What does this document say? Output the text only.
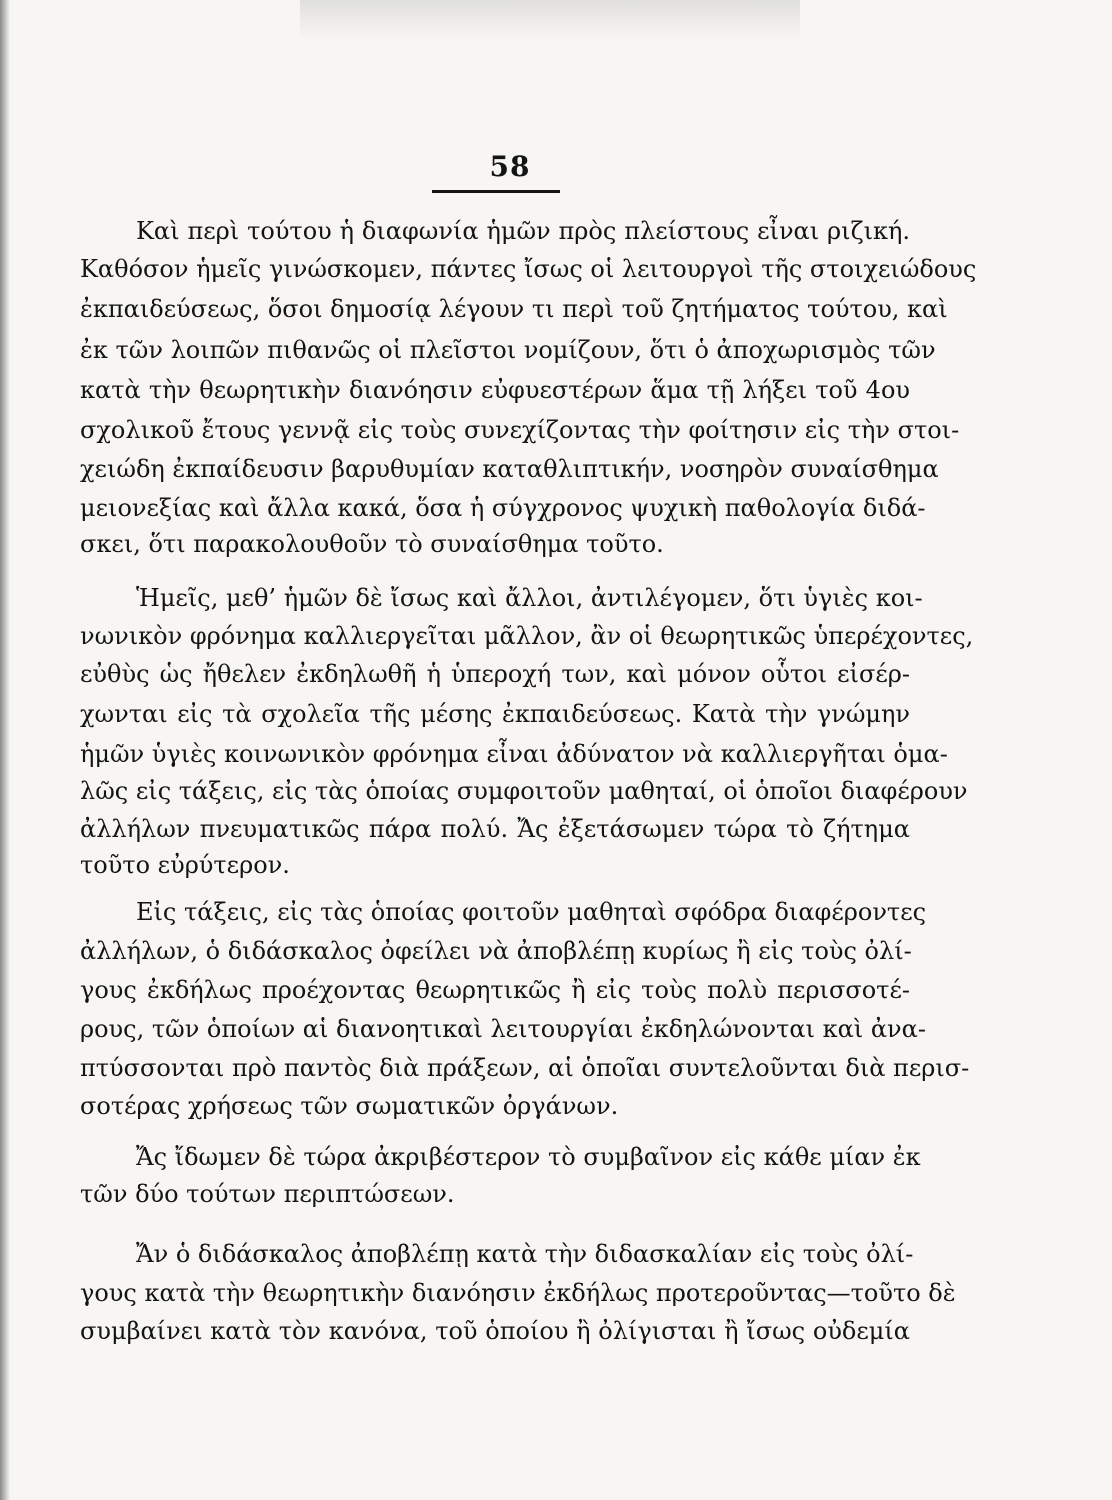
58
Καὶ περὶ τούτου ἡ διαφωνία ἡμῶν πρὸς πλείστους εἶναι ριζική.
Καθόσον ἡμεῖς γινώσκομεν, πάντες ἴσως οἱ λειτουργοὶ τῆς στοιχειώδους
ἐκπαιδεύσεως, ὅσοι δημοσίᾳ λέγουν τι περὶ τοῦ ζητήματος τούτου, καὶ
ἐκ τῶν λοιπῶν πιθανῶς οἱ πλεῖστοι νομίζουν, ὅτι ὁ ἀποχωρισμὸς τῶν
κατὰ τὴν θεωρητικὴν διανόησιν εὐφυεστέρων ἅμα τῇ λήξει τοῦ 4ου
σχολικοῦ ἔτους γεννᾷ εἰς τοὺς συνεχίζοντας τὴν φοίτησιν εἰς τὴν στοι-
χειώδη ἐκπαίδευσιν βαρυθυμίαν καταθλιπτικήν, νοσηρὸν συναίσθημα
μειονεξίας καὶ ἄλλα κακά, ὅσα ἡ σύγχρονος ψυχικὴ παθολογία διδά-
σκει, ὅτι παρακολουθοῦν τὸ συναίσθημα τοῦτο.
Ἡμεῖς, μεθ’ ἡμῶν δὲ ἴσως καὶ ἄλλοι, ἀντιλέγομεν, ὅτι ὑγιὲς κοι-
νωνικὸν φρόνημα καλλιεργεῖται μᾶλλον, ἂν οἱ θεωρητικῶς ὑπερέχοντες,
εὐθὺς ὡς ἤθελεν ἐκδηλωθῆ ἡ ὑπεροχή των, καὶ μόνον οὗτοι εἰσέρ-
χωνται εἰς τὰ σχολεῖα τῆς μέσης ἐκπαιδεύσεως. Κατὰ τὴν γνώμην
ἡμῶν ὑγιὲς κοινωνικὸν φρόνημα εἶναι ἀδύνατον νὰ καλλιεργῆται ὁμα-
λῶς εἰς τάξεις, εἰς τὰς ὁποίας συμφοιτοῦν μαθηταί, οἱ ὁποῖοι διαφέρουν
ἀλλήλων πνευματικῶς πάρα πολύ. Ἄς ἐξετάσωμεν τώρα τὸ ζήτημα
τοῦτο εὐρύτερον.
Εἰς τάξεις, εἰς τὰς ὁποίας φοιτοῦν μαθηταὶ σφόδρα διαφέροντες
ἀλλήλων, ὁ διδάσκαλος ὀφείλει νὰ ἀποβλέπῃ κυρίως ἢ εἰς τοὺς ὀλί-
γους ἐκδήλως προέχοντας θεωρητικῶς ἢ εἰς τοὺς πολὺ περισσοτέ-
ρους, τῶν ὁποίων αἱ διανοητικαὶ λειτουργίαι ἐκδηλώνονται καὶ ἀνα-
πτύσσονται πρὸ παντὸς διὰ πράξεων, αἱ ὁποῖαι συντελοῦνται διὰ περισ-
σοτέρας χρήσεως τῶν σωματικῶν ὀργάνων.
Ἄς ἴδωμεν δὲ τώρα ἀκριβέστερον τὸ συμβαῖνον εἰς κάθε μίαν ἐκ
τῶν δύο τούτων περιπτώσεων.
Ἄν ὁ διδάσκαλος ἀποβλέπῃ κατὰ τὴν διδασκαλίαν εἰς τοὺς ὀλί-
γους κατὰ τὴν θεωρητικὴν διανόησιν ἐκδήλως προτεροῦντας—τοῦτο δὲ
συμβαίνει κατὰ τὸν κανόνα, τοῦ ὁποίου ἢ ὀλίγισται ἢ ἴσως οὐδεμία
